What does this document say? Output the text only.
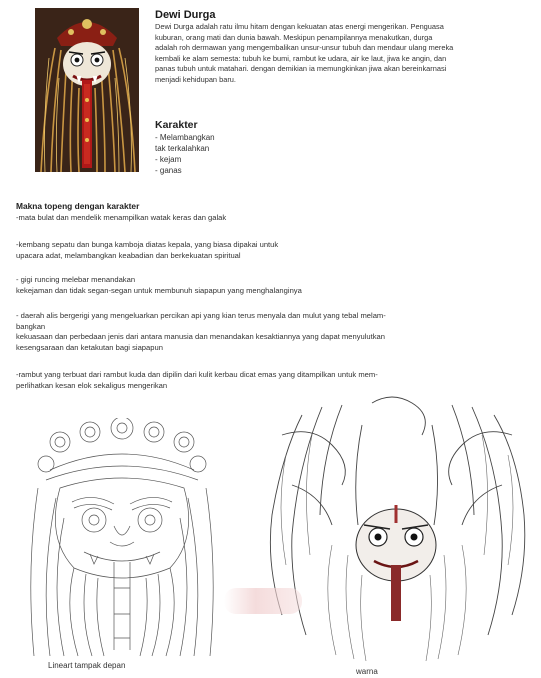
Dewi Durga
Dewi Durga adalah ratu ilmu hitam dengan kekuatan atas energi mengerikan. Penguasa kuburan, orang mati dan dunia bawah. Meskipun penampilannya menakutkan, durga adalah roh dermawan yang mengembalikan unsur-unsur tubuh dan mendaur ulang mereka kembali ke alam semesta: tubuh ke bumi, rambut ke udara, air ke laut, jiwa ke angin, dan panas tubuh untuk matahari. dengan demikian ia memungkinkan jiwa akan bereinkarnasi menjadi kehidupan baru.
Karakter
- Melambangkan
tak terkalahkan
- kejam
- ganas
Makna topeng dengan karakter
-mata bulat dan mendelik menampilkan watak keras dan galak
-kembang sepatu dan bunga kamboja diatas kepala, yang biasa dipakai untuk
upacara adat, melambangkan keabadian dan berkekuatan spiritual
- gigi runcing melebar menandakan
kekejaman dan tidak segan-segan untuk membunuh siapapun yang menghalanginya
- daerah alis bergerigi yang mengeluarkan percikan api yang kian terus menyala dan mulut yang tebal melam-
bangkan
kekuasaan dan perbedaan jenis dari antara manusia dan menandakan kesaktiannya yang dapat menyulutkan
kesengsaraan dan ketakutan bagi siapapun
-rambut yang terbuat dari rambut kuda dan dipilin dari kulit kerbau dicat emas yang ditampilkan untuk mem-
perlihatkan kesan elok sekaligus mengerikan
Lineart tampak depan
warna
